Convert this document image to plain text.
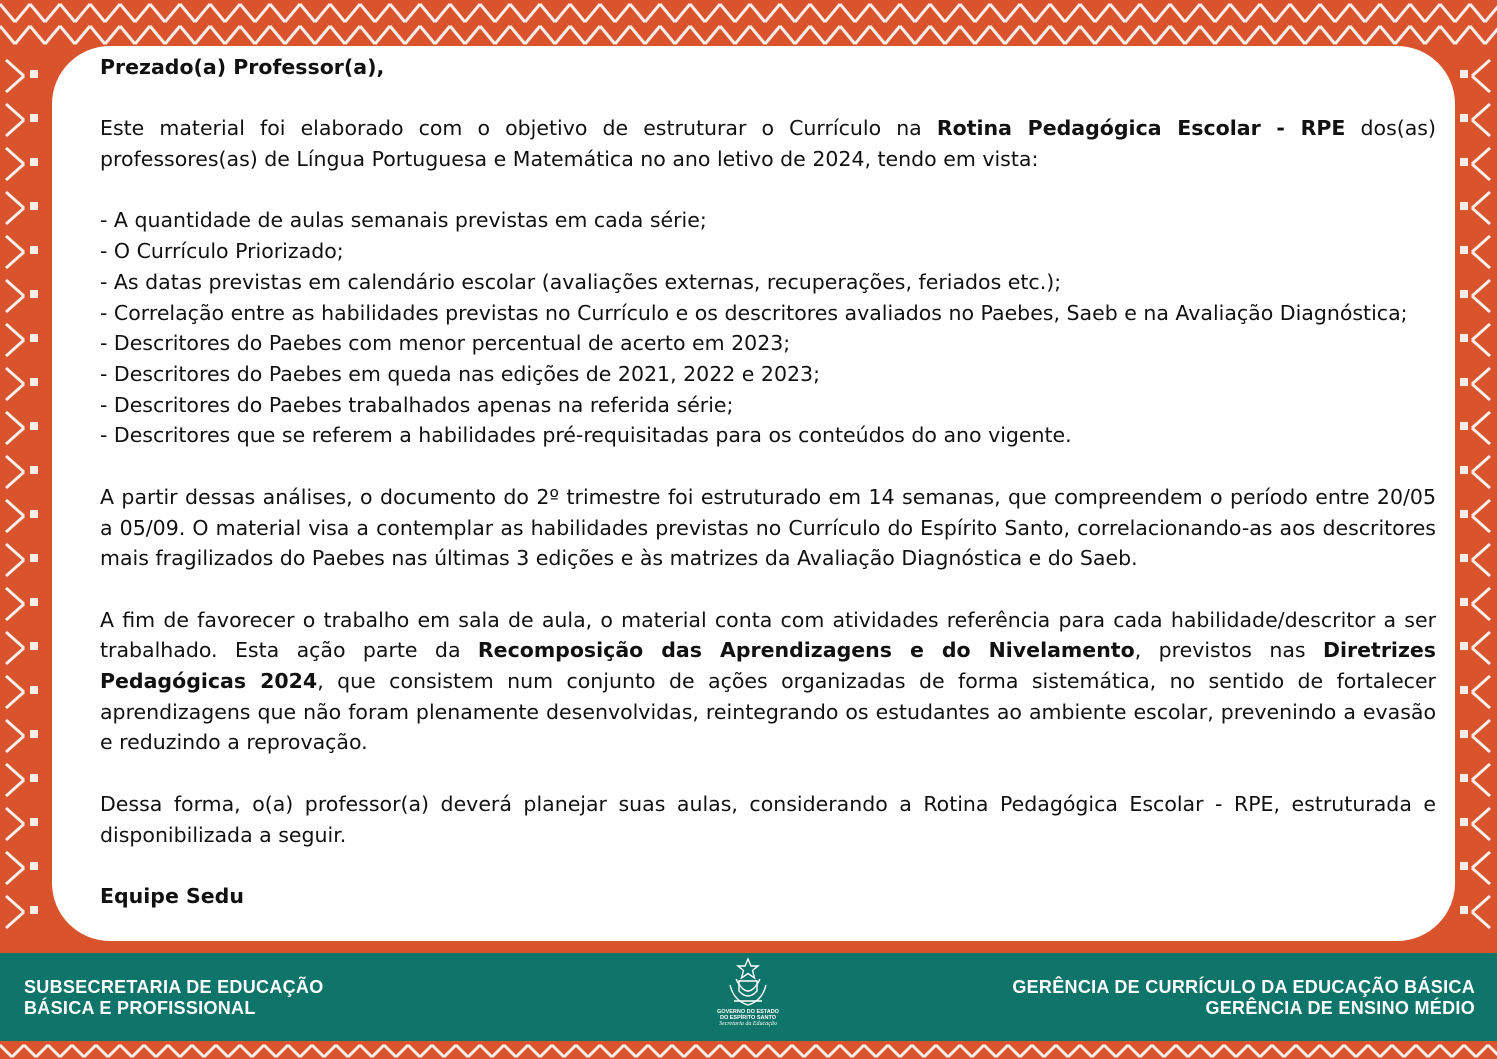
Prezado(a) Professor(a),

Este material foi elaborado com o objetivo de estruturar o Currículo na Rotina Pedagógica Escolar - RPE dos(as) professores(as) de Língua Portuguesa e Matemática no ano letivo de 2024, tendo em vista:

- A quantidade de aulas semanais previstas em cada série;

- O Currículo Priorizado;

- As datas previstas em calendário escolar (avaliações externas, recuperações, feriados etc.);

- Correlação entre as habilidades previstas no Currículo e os descritores avaliados no Paebes, Saeb e na Avaliação Diagnóstica;

- Descritores do Paebes com menor percentual de acerto em 2023;

- Descritores do Paebes em queda nas edições de 2021, 2022 e 2023;

- Descritores do Paebes trabalhados apenas na referida série;

- Descritores que se referem a habilidades pré-requisitadas para os conteúdos do ano vigente.

A partir dessas análises, o documento do 2º trimestre foi estruturado em 14 semanas, que compreendem o período entre 20/05 a 05/09. O material visa a contemplar as habilidades previstas no Currículo do Espírito Santo, correlacionando-as aos descritores mais fragilizados do Paebes nas últimas 3 edições e às matrizes da Avaliação Diagnóstica e do Saeb.

A fim de favorecer o trabalho em sala de aula, o material conta com atividades referência para cada habilidade/descritor a ser trabalhado. Esta ação parte da Recomposição das Aprendizagens e do Nivelamento, previstos nas Diretrizes Pedagógicas 2024, que consistem num conjunto de ações organizadas de forma sistemática, no sentido de fortalecer aprendizagens que não foram plenamente desenvolvidas, reintegrando os estudantes ao ambiente escolar, prevenindo a evasão e reduzindo a reprovação.

Dessa forma, o(a) professor(a) deverá planejar suas aulas, considerando a Rotina Pedagógica Escolar - RPE, estruturada e disponibilizada a seguir.

Equipe Sedu

SUBSECRETARIA DE EDUCAÇÃO
BÁSICA E PROFISSIONAL	GOVERNO DO ESTADO
DO ESPÍRITO SANTO
Secretaria da Educação
GERÊNCIA DE CURRÍCULO DA EDUCAÇÃO BÁSICA
GERÊNCIA DE ENSINO MÉDIO
